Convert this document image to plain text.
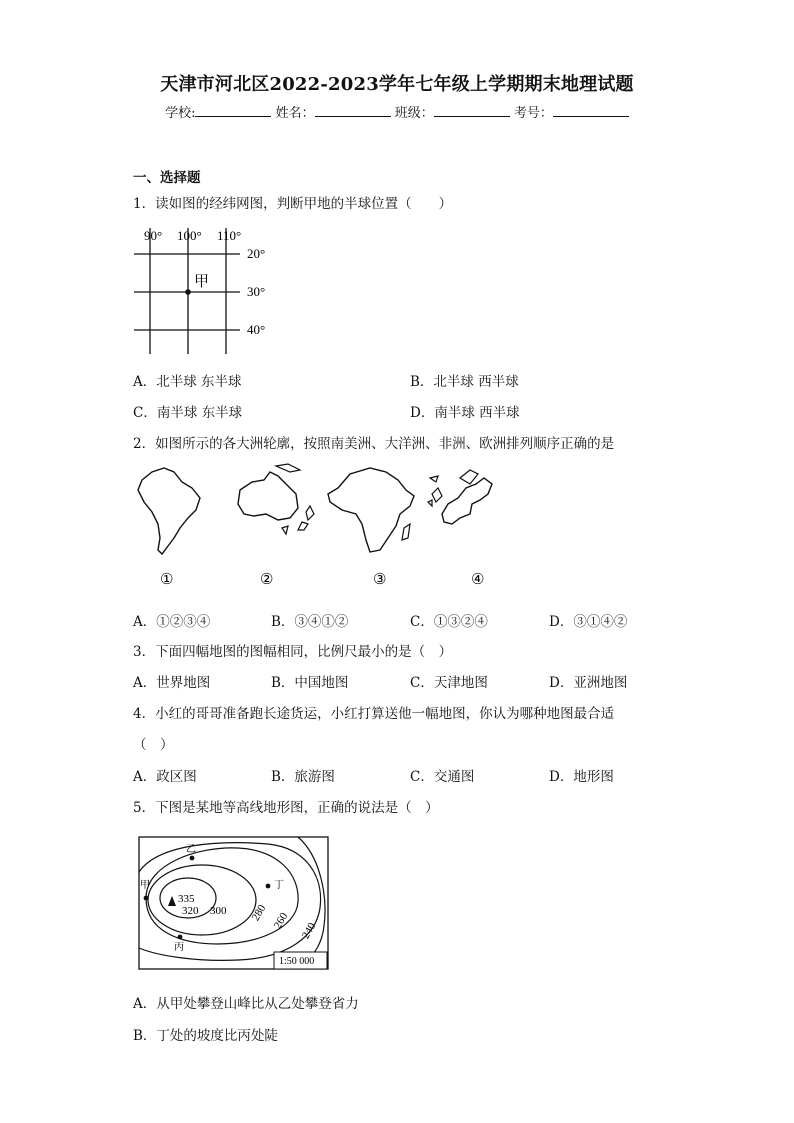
天津市河北区2022-2023学年七年级上学期期末地理试题
学校:	姓名：	班级：	考号：
一、选择题
1．读如图的经纬网图，判断甲地的半球位置（　　）
90° 100° 110°
20°
30°
40°
甲
A．北半球 东半球	B．北半球 西半球
C．南半球 东半球	D．南半球 西半球
2．如图所示的各大洲轮廓，按照南美洲、大洋洲、非洲、欧洲排列顺序正确的是
①	②	③	④
A．①②③④	B．③④①②	C．①③②④	D．③①④②
3．下面四幅地图的图幅相同，比例尺最小的是（　）
A．世界地图	B．中国地图	C．天津地图	D．亚洲地图
4．小红的哥哥准备跑长途货运，小红打算送他一幅地图，你认为哪种地图最合适
（　）
A．政区图	B．旅游图	C．交通图	D．地形图
5．下图是某地等高线地形图，正确的说法是（　）
335
320 300 280 260 240
甲
乙
丙
丁
1:50 000
A．从甲处攀登山峰比从乙处攀登省力
B．丁处的坡度比丙处陡
